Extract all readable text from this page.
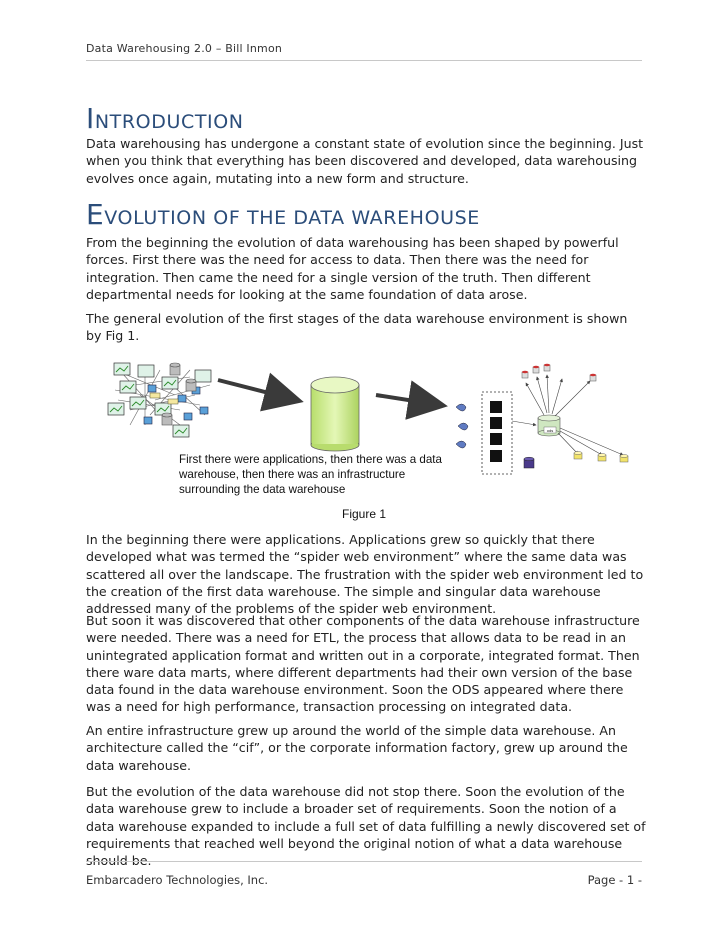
Data Warehousing 2.0 – Bill Inmon
INTRODUCTION

Data warehousing has undergone a constant state of evolution since the beginning. Just when you think that everything has been discovered and developed, data warehousing evolves once again, mutating into a new form and structure.

EVOLUTION OF THE DATA WAREHOUSE

From the beginning the evolution of data warehousing has been shaped by powerful forces. First there was the need for access to data. Then there was the need for integration. Then came the need for a single version of the truth. Then different departmental needs for looking at the same foundation of data arose.

The general evolution of the first stages of the data warehouse environment is shown by Fig 1.

ods
First there were applications, then there was a data warehouse, then there was an infrastructure surrounding the data warehouse
Figure 1

In the beginning there were applications. Applications grew so quickly that there developed what was termed the “spider web environment” where the same data was scattered all over the landscape. The frustration with the spider web environment led to the creation of the first data warehouse. The simple and singular data warehouse addressed many of the problems of the spider web environment.

But soon it was discovered that other components of the data warehouse infrastructure were needed. There was a need for ETL, the process that allows data to be read in an unintegrated application format and written out in a corporate, integrated format. Then there ware data marts, where different departments had their own version of the base data found in the data warehouse environment. Soon the ODS appeared where there was a need for high performance, transaction processing on integrated data.

An entire infrastructure grew up around the world of the simple data warehouse. An architecture called the “cif”, or the corporate information factory, grew up around the data warehouse.

But the evolution of the data warehouse did not stop there. Soon the evolution of the data warehouse grew to include a broader set of requirements. Soon the notion of a data warehouse expanded to include a full set of data fulfilling a newly discovered set of requirements that reached well beyond the original notion of what a data warehouse should be.

Embarcadero Technologies, Inc.	Page - 1 -
